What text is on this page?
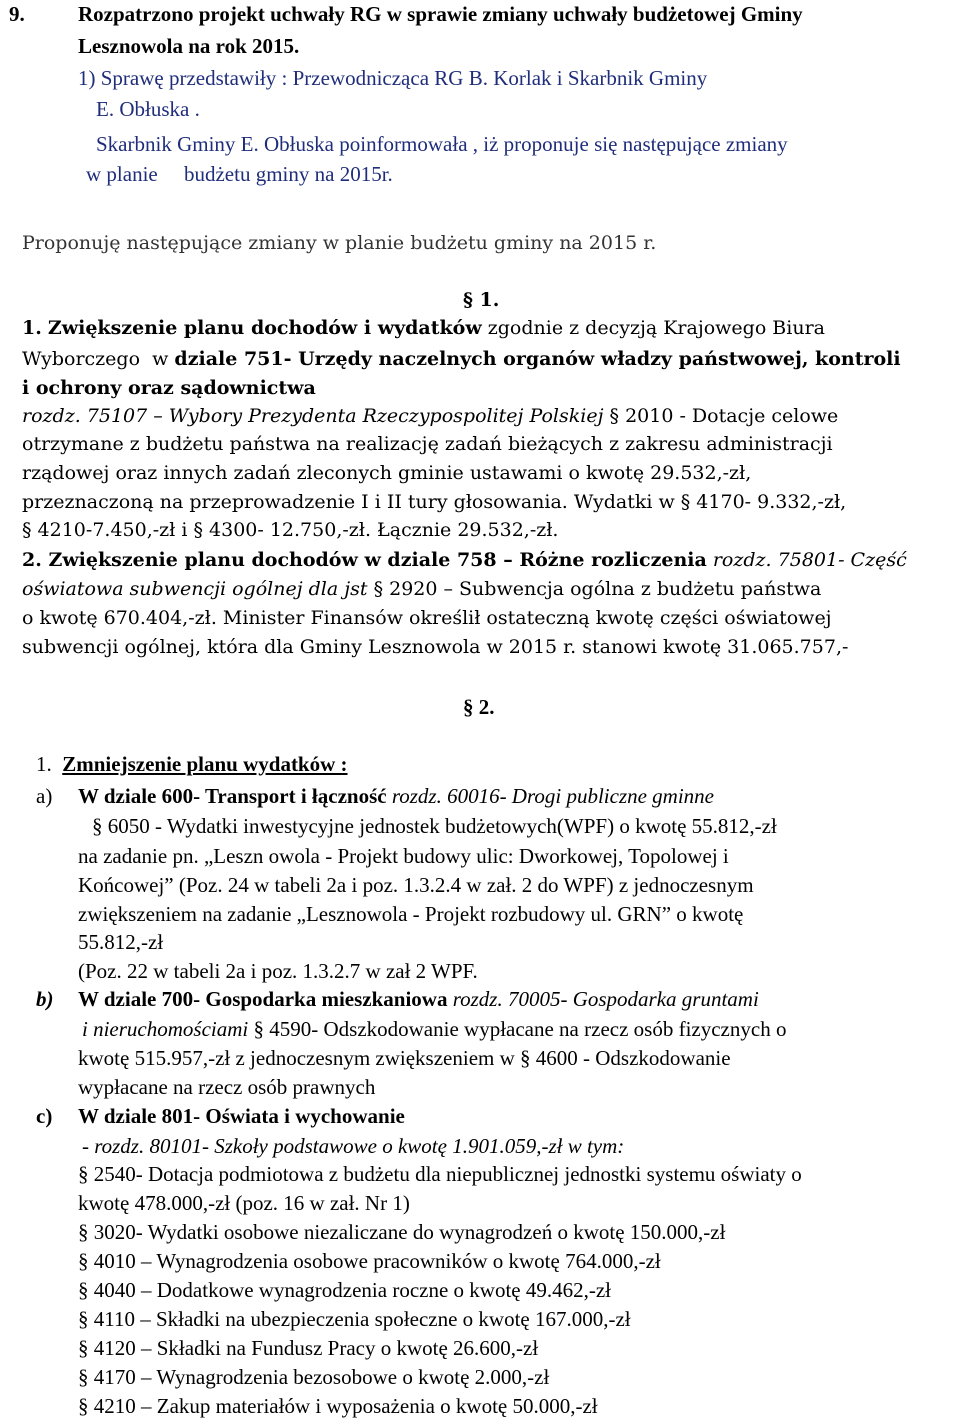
9.	Rozpatrzono projekt uchwały RG w sprawie zmiany uchwały budżetowej Gminy
Lesznowola na rok 2015.
1) Sprawę przedstawiły : Przewodnicząca RG B. Korlak i Skarbnik Gminy
E. Obłuska .
Skarbnik Gminy E. Obłuska poinformowała , iż proponuje się następujące zmiany
w planie     budżetu gminy na 2015r.
Proponuję następujące zmiany w planie budżetu gminy na 2015 r.
§ 1.
1. Zwiększenie planu dochodów i wydatków zgodnie z decyzją Krajowego Biura
Wyborczego  w dziale 751- Urzędy naczelnych organów władzy państwowej, kontroli
i ochrony oraz sądownictwa
rozdz. 75107 – Wybory Prezydenta Rzeczypospolitej Polskiej § 2010 - Dotacje celowe
otrzymane z budżetu państwa na realizację zadań bieżących z zakresu administracji
rządowej oraz innych zadań zleconych gminie ustawami o kwotę 29.532,-zł,
przeznaczoną na przeprowadzenie I i II tury głosowania. Wydatki w § 4170- 9.332,-zł,
§ 4210-7.450,-zł i § 4300- 12.750,-zł. Łącznie 29.532,-zł.
2. Zwiększenie planu dochodów w dziale 758 – Różne rozliczenia rozdz. 75801- Część
oświatowa subwencji ogólnej dla jst § 2920 – Subwencja ogólna z budżetu państwa
o kwotę 670.404,-zł. Minister Finansów określił ostateczną kwotę części oświatowej
subwencji ogólnej, która dla Gminy Lesznowola w 2015 r. stanowi kwotę 31.065.757,-
§ 2.
1. Zmniejszenie planu wydatków :
a) W dziale 600- Transport i łączność rozdz. 60016- Drogi publiczne gminne
§ 6050 - Wydatki inwestycyjne jednostek budżetowych(WPF) o kwotę 55.812,-zł
na zadanie pn. „Leszn owola - Projekt budowy ulic: Dworkowej, Topolowej i
Końcowej” (Poz. 24 w tabeli 2a i poz. 1.3.2.4 w zał. 2 do WPF) z jednoczesnym
zwiększeniem na zadanie „Lesznowola - Projekt rozbudowy ul. GRN” o kwotę
55.812,-zł
(Poz. 22 w tabeli 2a i poz. 1.3.2.7 w zał 2 WPF.
b) W dziale 700- Gospodarka mieszkaniowa rozdz. 70005- Gospodarka gruntami
i nieruchomościami § 4590- Odszkodowanie wypłacane na rzecz osób fizycznych o
kwotę 515.957,-zł z jednoczesnym zwiększeniem w § 4600 - Odszkodowanie
wypłacane na rzecz osób prawnych
c) W dziale 801- Oświata i wychowanie
- rozdz. 80101- Szkoły podstawowe o kwotę 1.901.059,-zł w tym:
§ 2540- Dotacja podmiotowa z budżetu dla niepublicznej jednostki systemu oświaty o
kwotę 478.000,-zł (poz. 16 w zał. Nr 1)
§ 3020- Wydatki osobowe niezaliczane do wynagrodzeń o kwotę 150.000,-zł
§ 4010 – Wynagrodzenia osobowe pracowników o kwotę 764.000,-zł
§ 4040 – Dodatkowe wynagrodzenia roczne o kwotę 49.462,-zł
§ 4110 – Składki na ubezpieczenia społeczne o kwotę 167.000,-zł
§ 4120 – Składki na Fundusz Pracy o kwotę 26.600,-zł
§ 4170 – Wynagrodzenia bezosobowe o kwotę 2.000,-zł
§ 4210 – Zakup materiałów i wyposażenia o kwotę 50.000,-zł
